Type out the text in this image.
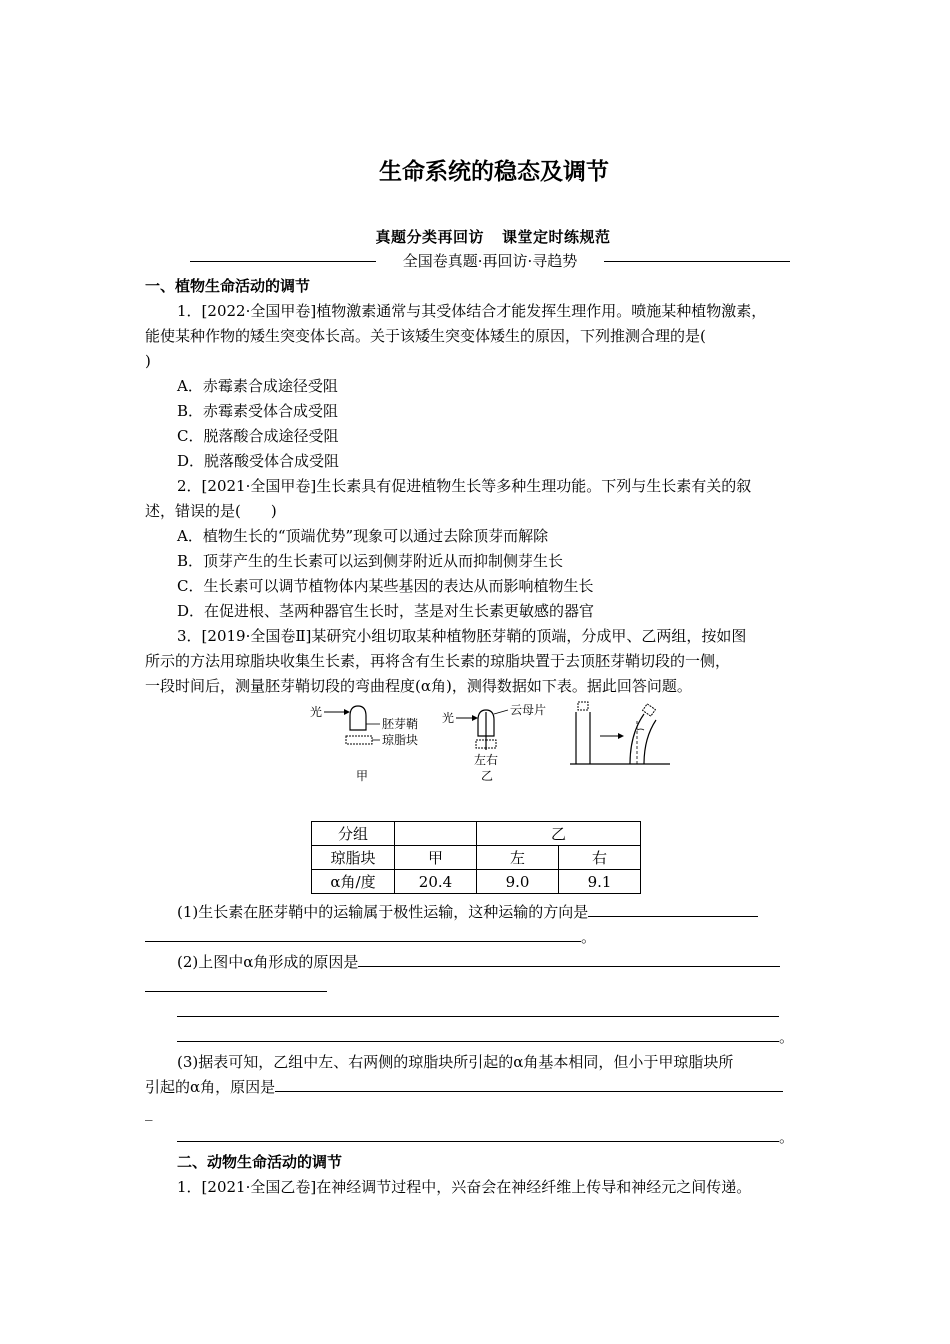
生命系统的稳态及调节
真题分类再回访 课堂定时练规范
全国卷真题·再回访·寻趋势
一、植物生命活动的调节
1．[2022·全国甲卷]植物激素通常与其受体结合才能发挥生理作用。喷施某种植物激素，
能使某种作物的矮生突变体长高。关于该矮生突变体矮生的原因，下列推测合理的是(
)
A．赤霉素合成途径受阻
B．赤霉素受体合成受阻
C．脱落酸合成途径受阻
D．脱落酸受体合成受阻
2．[2021·全国甲卷]生长素具有促进植物生长等多种生理功能。下列与生长素有关的叙
述，错误的是(　　)
A．植物生长的“顶端优势”现象可以通过去除顶芽而解除
B．顶芽产生的生长素可以运到侧芽附近从而抑制侧芽生长
C．生长素可以调节植物体内某些基因的表达从而影响植物生长
D．在促进根、茎两种器官生长时，茎是对生长素更敏感的器官
3．[2019·全国卷Ⅱ]某研究小组切取某种植物胚芽鞘的顶端，分成甲、乙两组，按如图
所示的方法用琼脂块收集生长素，再将含有生长素的琼脂块置于去顶胚芽鞘切段的一侧，
一段时间后，测量胚芽鞘切段的弯曲程度(α角)，测得数据如下表。据此回答问题。
光
胚芽鞘
琼脂块
甲
光
云母片
左右
乙
分组		乙	
琼脂块	甲	左	右
α角/度	20.4	9.0	9.1
(1)生长素在胚芽鞘中的运输属于极性运输，这种运输的方向是
。
(2)上图中α角形成的原因是
。
(3)据表可知，乙组中左、右两侧的琼脂块所引起的α角基本相同，但小于甲琼脂块所
引起的α角，原因是
_
。
二、动物生命活动的调节
1．[2021·全国乙卷]在神经调节过程中，兴奋会在神经纤维上传导和神经元之间传递。
